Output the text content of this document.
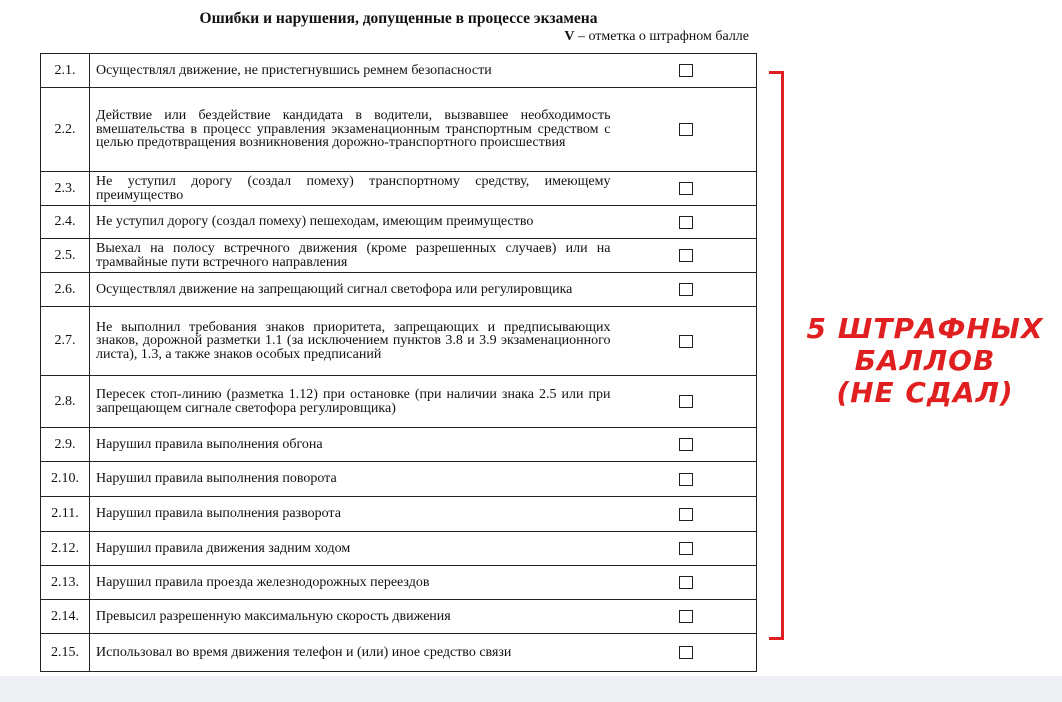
Ошибки и нарушения, допущенные в процессе экзамена
V – отметка о штрафном балле
2.1.	Осуществлял движение, не пристегнувшись ремнем безопасности	
2.2.	Действие или бездействие кандидата в водители, вызвавшее необходимость вмешательства в процесс управления экзаменационным транспортным средством с целью предотвращения возникновения дорожно-транспортного происшествия	
2.3.	Не уступил дорогу (создал помеху) транспортному средству, имеющему преимущество	
2.4.	Не уступил дорогу (создал помеху) пешеходам, имеющим преимущество	
2.5.	Выехал на полосу встречного движения (кроме разрешенных случаев) или на трамвайные пути встречного направления	
2.6.	Осуществлял движение на запрещающий сигнал светофора или регулировщика	
2.7.	Не выполнил требования знаков приоритета, запрещающих и предписывающих знаков, дорожной разметки 1.1 (за исключением пунктов 3.8 и 3.9 экзаменационного листа), 1.3, а также знаков особых предписаний	
2.8.	Пересек стоп-линию (разметка 1.12) при остановке (при наличии знака 2.5 или при запрещающем сигнале светофора регулировщика)	
2.9.	Нарушил правила выполнения обгона	
2.10.	Нарушил правила выполнения поворота	
2.11.	Нарушил правила выполнения разворота	
2.12.	Нарушил правила движения задним ходом	
2.13.	Нарушил правила проезда железнодорожных переездов	
2.14.	Превысил разрешенную максимальную скорость движения	
2.15.	Использовал во время движения телефон и (или) иное средство связи	
5 ШТРАФНЫХ
БАЛЛОВ
(НЕ СДАЛ)
